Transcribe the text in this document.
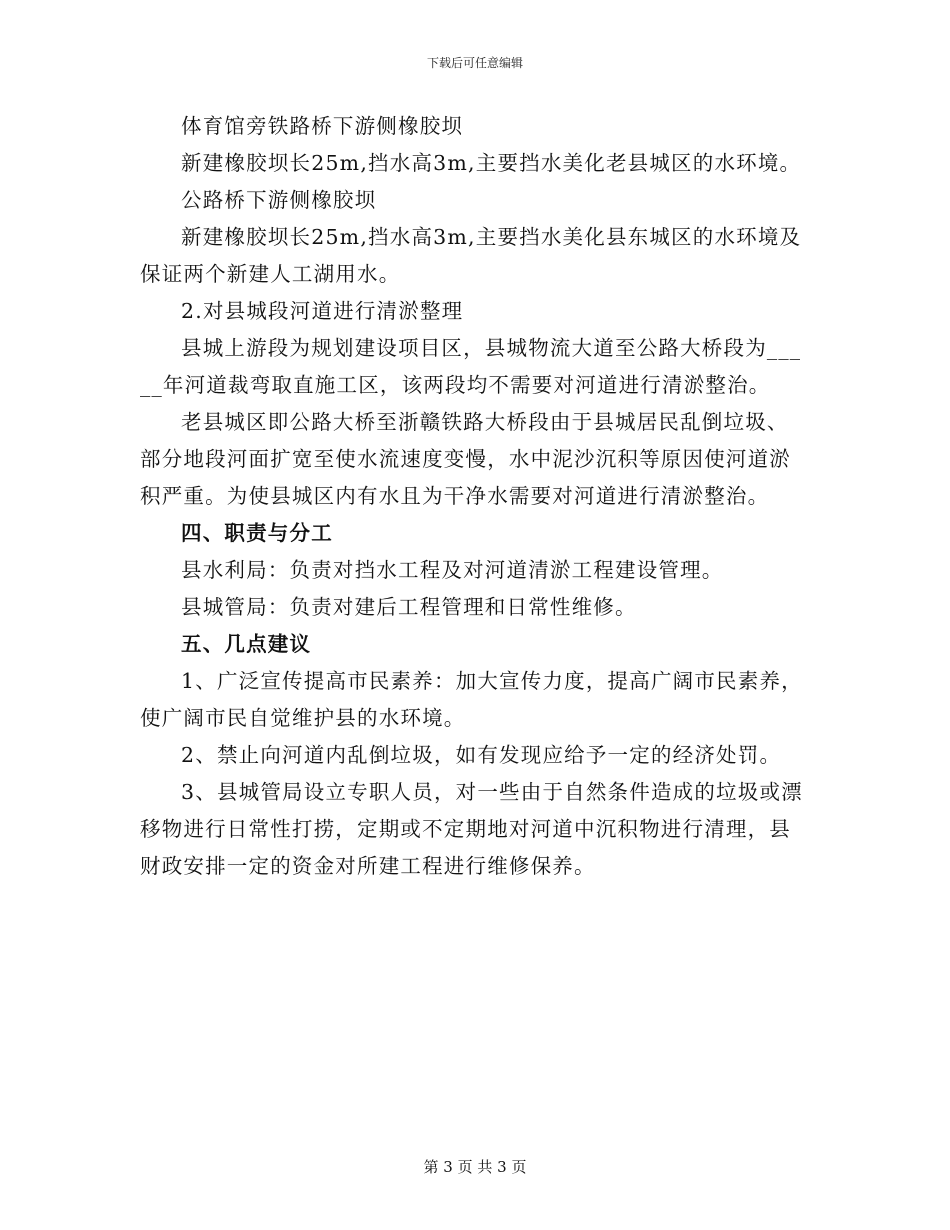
下载后可任意编辑

体育馆旁铁路桥下游侧橡胶坝

新建橡胶坝长25m,挡水高3m,主要挡水美化老县城区的水环境。

公路桥下游侧橡胶坝

新建橡胶坝长25m,挡水高3m,主要挡水美化县东城区的水环境及保证两个新建人工湖用水。

2.对县城段河道进行清淤整理

县城上游段为规划建设项目区，县城物流大道至公路大桥段为_____年河道裁弯取直施工区，该两段均不需要对河道进行清淤整治。

老县城区即公路大桥至浙赣铁路大桥段由于县城居民乱倒垃圾、部分地段河面扩宽至使水流速度变慢，水中泥沙沉积等原因使河道淤积严重。为使县城区内有水且为干净水需要对河道进行清淤整治。

四、职责与分工

县水利局：负责对挡水工程及对河道清淤工程建设管理。

县城管局：负责对建后工程管理和日常性维修。

五、几点建议

1、广泛宣传提高市民素养：加大宣传力度，提高广阔市民素养，使广阔市民自觉维护县的水环境。

2、禁止向河道内乱倒垃圾，如有发现应给予一定的经济处罚。

3、县城管局设立专职人员，对一些由于自然条件造成的垃圾或漂移物进行日常性打捞，定期或不定期地对河道中沉积物进行清理，县财政安排一定的资金对所建工程进行维修保养。

第 3 页 共 3 页
